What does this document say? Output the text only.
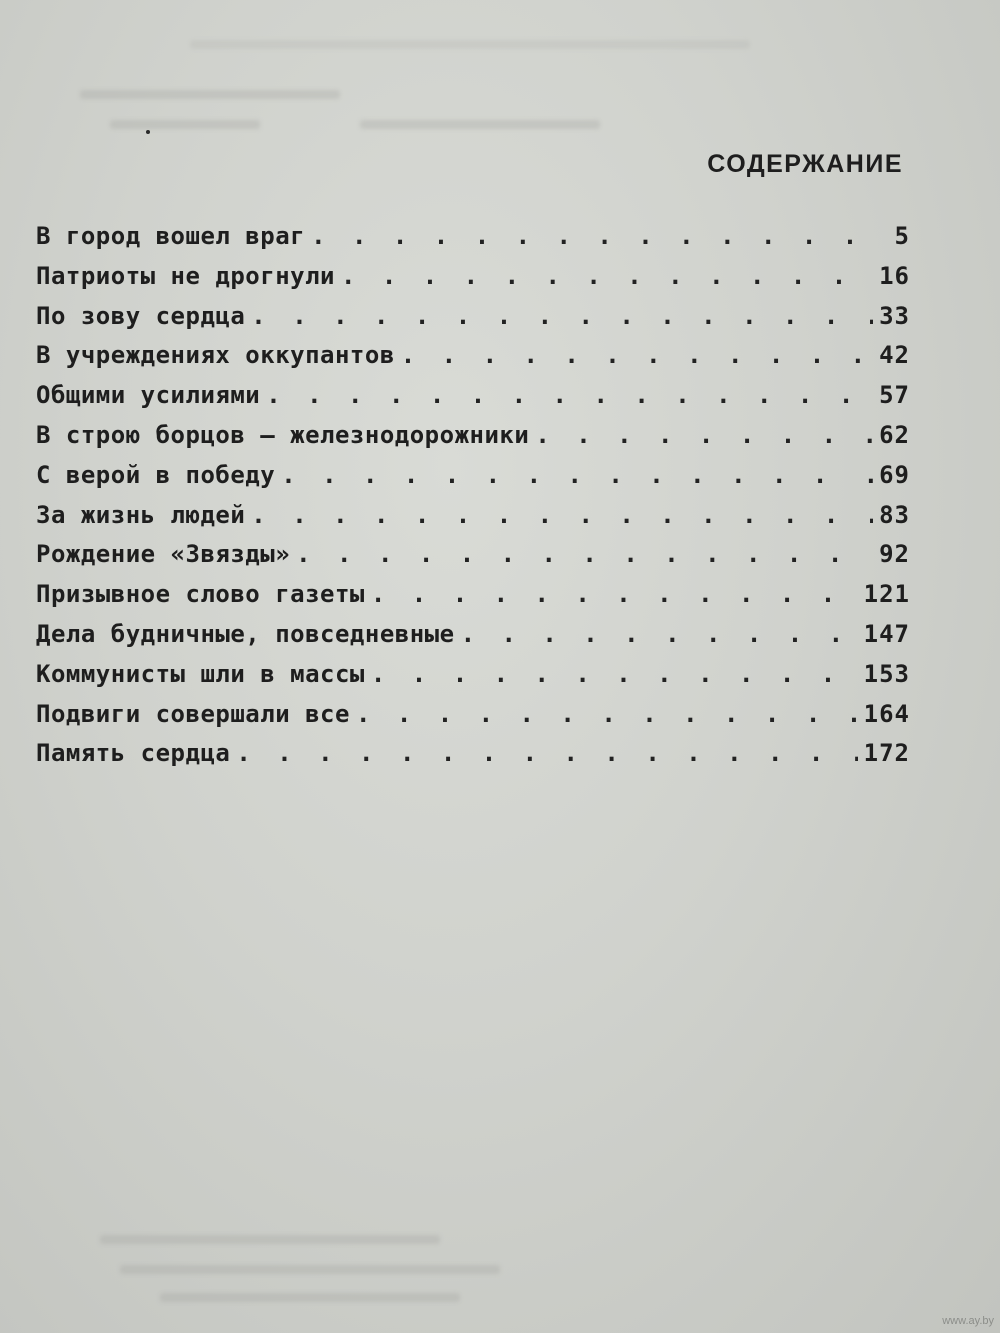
СОДЕРЖАНИЕ
В город вошел враг . . .	5
Патриоты не дрогнули . . .	16
По зову сердца . . .	33
В учреждениях оккупантов . . .	42
Общими усилиями . . .	57
В строю борцов — железнодорожники . . .	62
С верой в победу . . .	.69
За жизнь людей . . .	83
Рождение «Звязды» . . .	92
Призывное слово газеты . . .	121
Дела будничные, повседневные . . .	147
Коммунисты шли в массы . . .	153
Подвиги совершали все . . .	164
Память сердца . . .	172
www.ay.by
